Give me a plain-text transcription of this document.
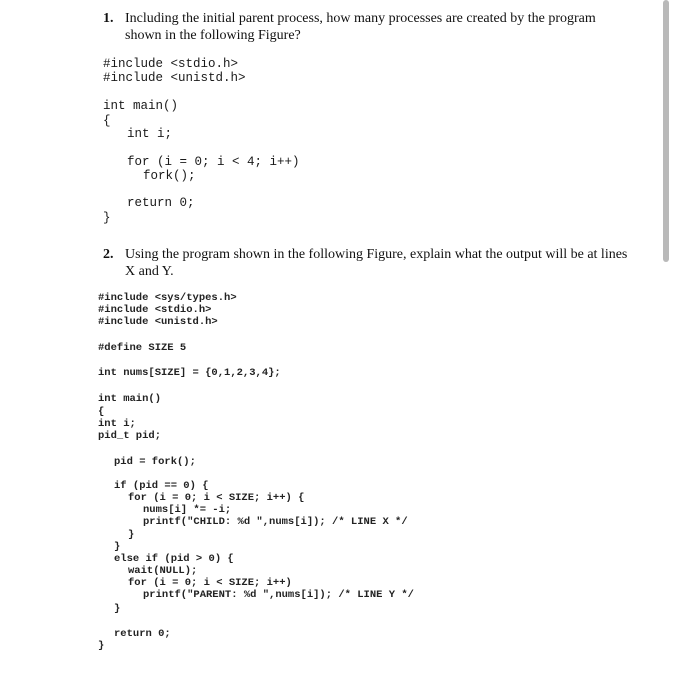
1. Including the initial parent process, how many processes are created by the program
shown in the following Figure?
#include <stdio.h>
#include <unistd.h>
int main()
{
int i;
for (i = 0; i < 4; i++)
fork();
return 0;
}
2. Using the program shown in the following Figure, explain what the output will be at lines
X and Y.
#include <sys/types.h>
#include <stdio.h>
#include <unistd.h>
#define SIZE 5
int nums[SIZE] = {0,1,2,3,4};
int main()
{
int i;
pid_t pid;
pid = fork();
if (pid == 0) {
for (i = 0; i < SIZE; i++) {
nums[i] *= -i;
printf("CHILD: %d ",nums[i]); /* LINE X */
}
}
else if (pid > 0) {
wait(NULL);
for (i = 0; i < SIZE; i++)
printf("PARENT: %d ",nums[i]); /* LINE Y */
}
return 0;
}
